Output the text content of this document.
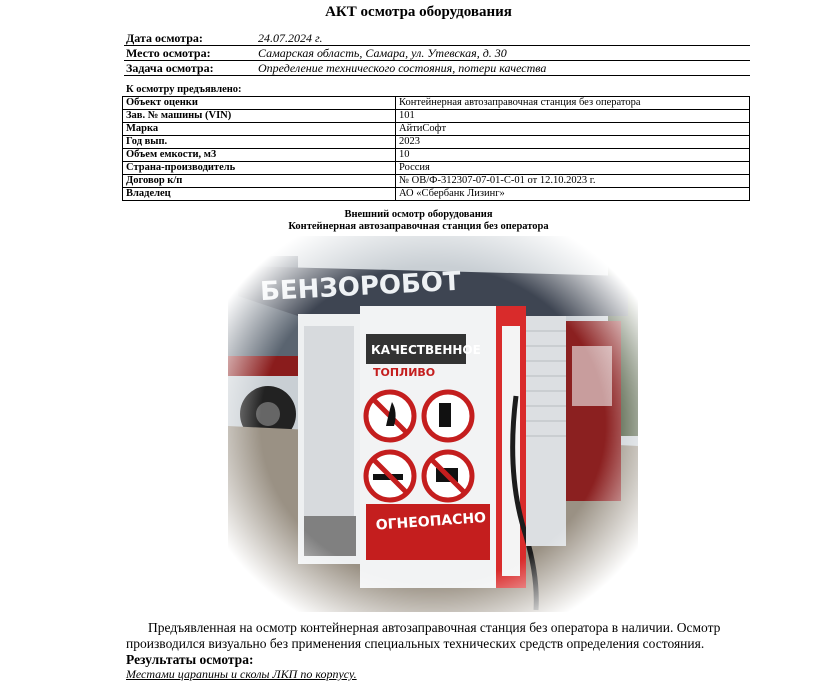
АКТ осмотра оборудования
Дата осмотра:	24.07.2024 г.
Место осмотра:	Самарская область, Самара, ул. Утевская, д. 30
Задача осмотра:	Определение технического состояния, потери качества
К осмотру предъявлено:
Объект оценки	Контейнерная автозаправочная станция без оператора
Зав. № машины (VIN)	101
Марка	АйтиСофт
Год вып.	2023
Объем емкости, м3	10
Страна-производитель	Россия
Договор к/п	№ ОВ/Ф-312307-07-01-С-01 от 12.10.2023 г.
Владелец	АО «Сбербанк Лизинг»
Внешний осмотр оборудования
Контейнерная автозаправочная станция без оператора
Предъявленная на осмотр контейнерная автозаправочная станция без оператора в наличии. Осмотр производился визуально без применения специальных технических средств определения состояния.
Результаты осмотра:
Местами царапины и сколы ЛКП по корпусу.
